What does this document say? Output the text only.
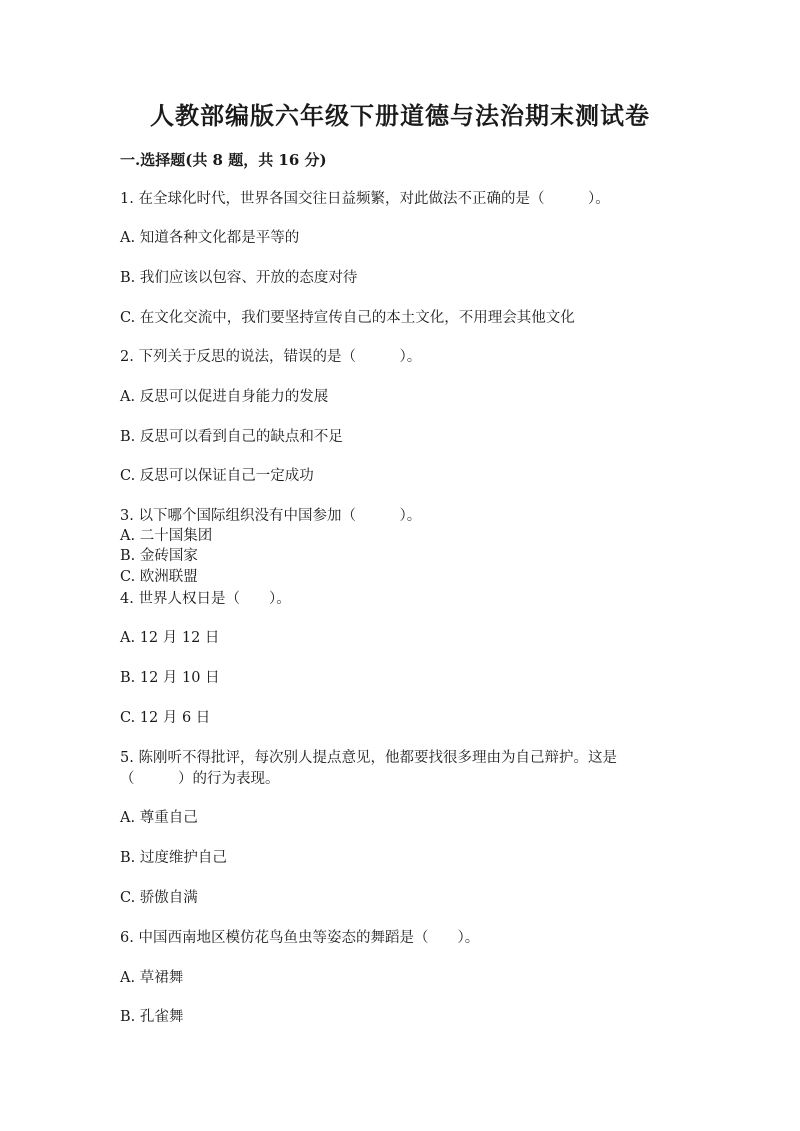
人教部编版六年级下册道德与法治期末测试卷
一.选择题(共 8 题，共 16 分)
1. 在全球化时代，世界各国交往日益频繁，对此做法不正确的是（　　　）。
A. 知道各种文化都是平等的
B. 我们应该以包容、开放的态度对待
C. 在文化交流中，我们要坚持宣传自己的本土文化，不用理会其他文化
2. 下列关于反思的说法，错误的是（　　　）。
A. 反思可以促进自身能力的发展
B. 反思可以看到自己的缺点和不足
C. 反思可以保证自己一定成功
3. 以下哪个国际组织没有中国参加（　　　）。
A. 二十国集团
B. 金砖国家
C. 欧洲联盟
4. 世界人权日是（　　）。
A. 12 月 12 日
B. 12 月 10 日
C. 12 月 6 日
5. 陈刚听不得批评，每次别人提点意见，他都要找很多理由为自己辩护。这是
（　　　）的行为表现。
A. 尊重自己
B. 过度维护自己
C. 骄傲自满
6. 中国西南地区模仿花鸟鱼虫等姿态的舞蹈是（　　）。
A. 草裙舞
B. 孔雀舞
